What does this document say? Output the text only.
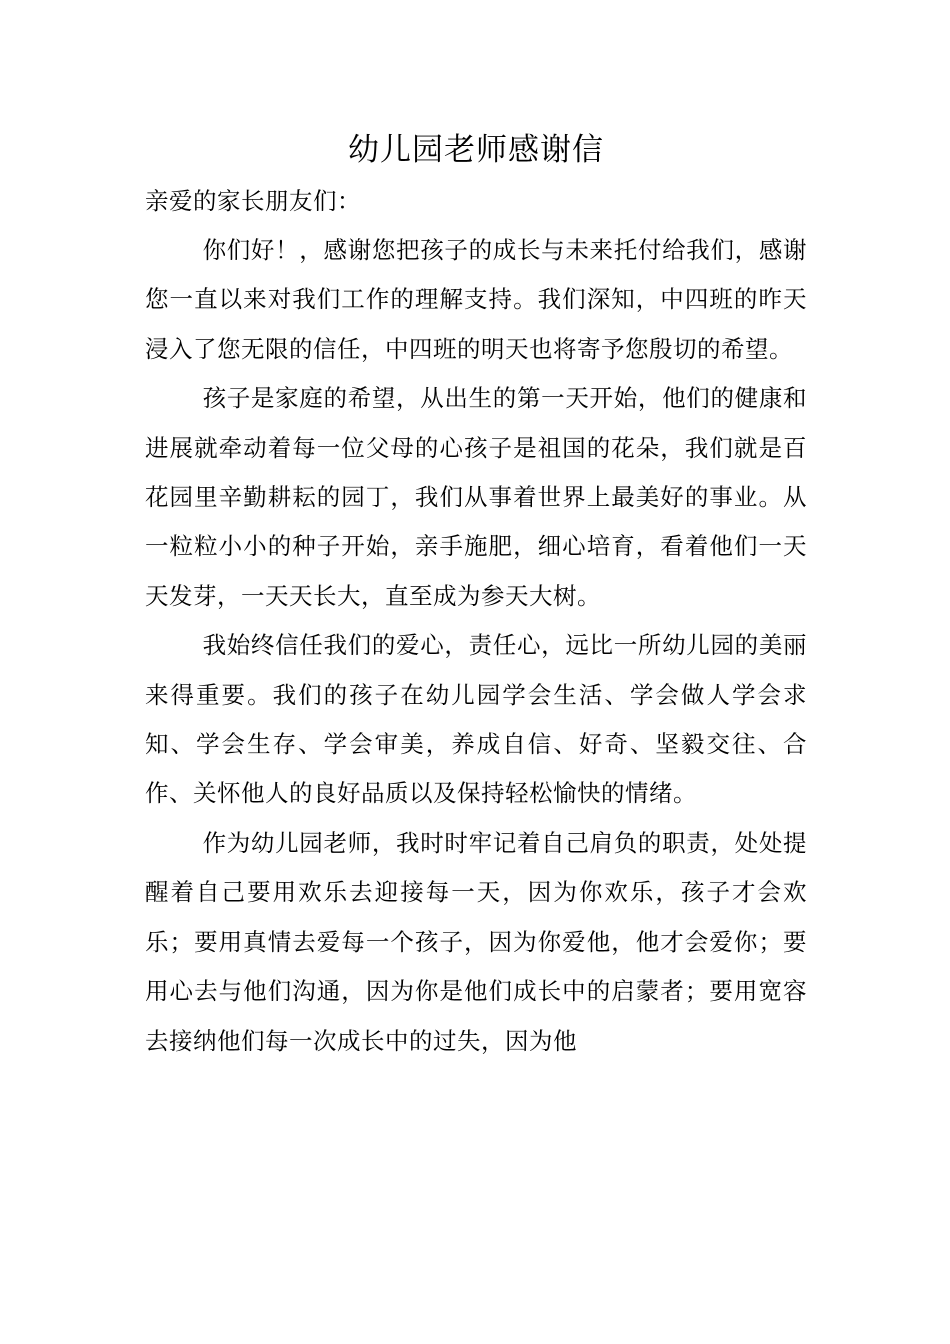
幼儿园老师感谢信

亲爱的家长朋友们：

你们好！，感谢您把孩子的成长与未来托付给我们，感谢您一直以来对我们工作的理解支持。我们深知，中四班的昨天浸入了您无限的信任，中四班的明天也将寄予您殷切的希望。

孩子是家庭的希望，从出生的第一天开始，他们的健康和进展就牵动着每一位父母的心孩子是祖国的花朵，我们就是百花园里辛勤耕耘的园丁，我们从事着世界上最美好的事业。从一粒粒小小的种子开始，亲手施肥，细心培育，看着他们一天天发芽，一天天长大，直至成为参天大树。

我始终信任我们的爱心，责任心，远比一所幼儿园的美丽来得重要。我们的孩子在幼儿园学会生活、学会做人学会求知、学会生存、学会审美，养成自信、好奇、坚毅交往、合作、关怀他人的良好品质以及保持轻松愉快的情绪。

作为幼儿园老师，我时时牢记着自己肩负的职责，处处提醒着自己要用欢乐去迎接每一天，因为你欢乐，孩子才会欢乐；要用真情去爱每一个孩子，因为你爱他，他才会爱你；要用心去与他们沟通，因为你是他们成长中的启蒙者；要用宽容去接纳他们每一次成长中的过失，因为他
